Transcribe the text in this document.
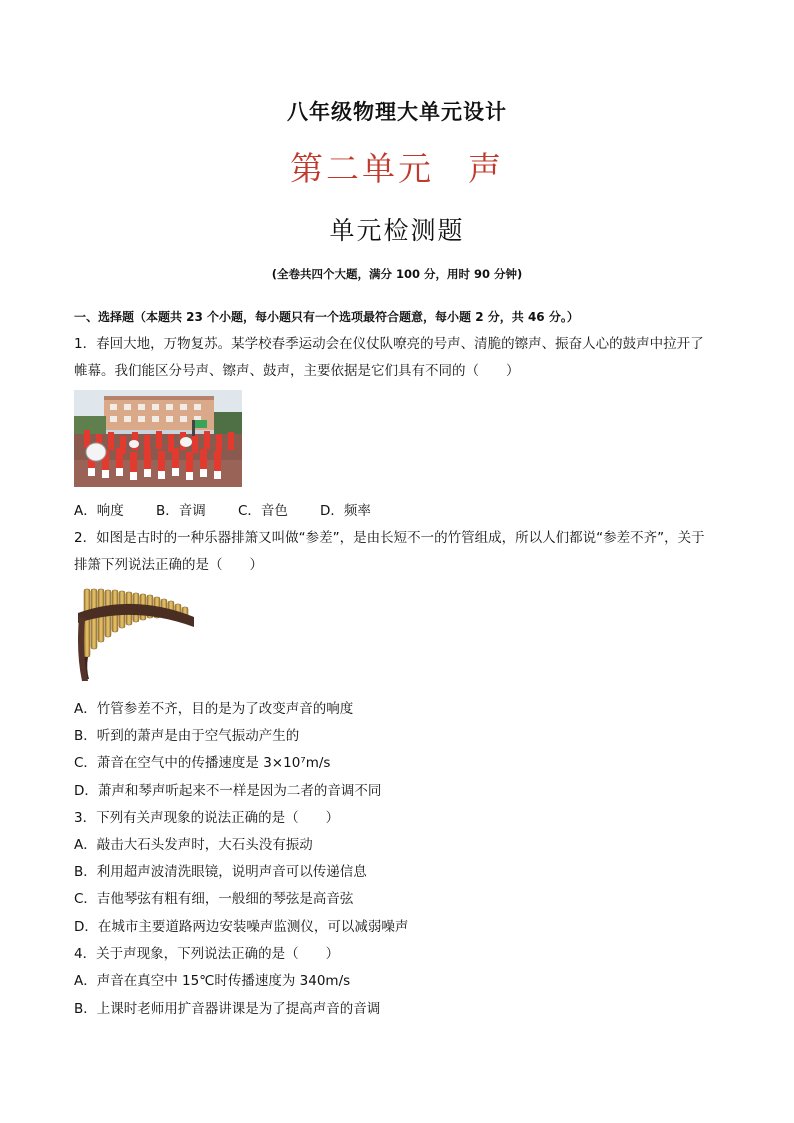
八年级物理大单元设计
第二单元 声
单元检测题
(全卷共四个大题，满分 100 分，用时 90 分钟)
一、选择题（本题共 23 个小题，每小题只有一个选项最符合题意，每小题 2 分，共 46 分。）
1．春回大地，万物复苏。某学校春季运动会在仪仗队嘹亮的号声、清脆的镲声、振奋人心的鼓声中拉开了
帷幕。我们能区分号声、镲声、鼓声，主要依据是它们具有不同的（　　）
A．响度 B．音调 C．音色 D．频率
2．如图是古时的一种乐器排箫又叫做“参差”，是由长短不一的竹管组成，所以人们都说“参差不齐”，关于
排箫下列说法正确的是（　　）
A．竹管参差不齐，目的是为了改变声音的响度
B．听到的萧声是由于空气振动产生的
C．萧音在空气中的传播速度是 3×10⁷m/s
D．萧声和琴声听起来不一样是因为二者的音调不同
3．下列有关声现象的说法正确的是（　　）
A．敲击大石头发声时，大石头没有振动
B．利用超声波清洗眼镜，说明声音可以传递信息
C．吉他琴弦有粗有细，一般细的琴弦是高音弦
D．在城市主要道路两边安装噪声监测仪，可以减弱噪声
4．关于声现象，下列说法正确的是（　　）
A．声音在真空中 15℃时传播速度为 340m/s
B．上课时老师用扩音器讲课是为了提高声音的音调
